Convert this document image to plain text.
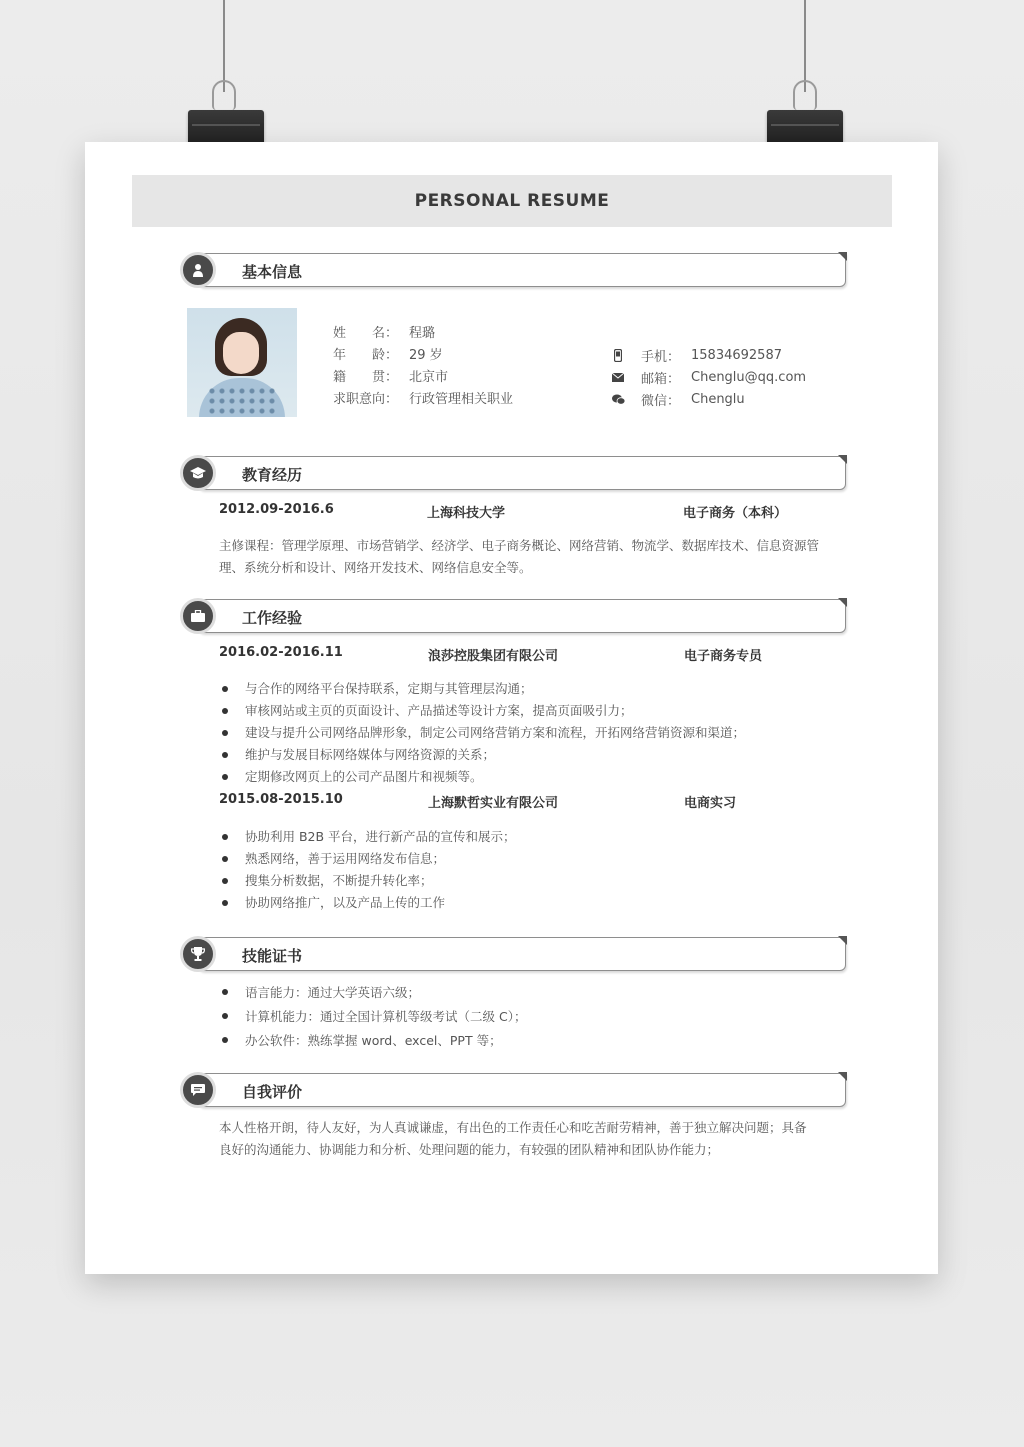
PERSONAL RESUME
基本信息
姓　　名： 程璐
年　　龄： 29 岁
籍　　贯： 北京市
求职意向： 行政管理相关职业
手机： 15834692587
邮箱： Chenglu@qq.com
微信： Chenglu
教育经历
2012.09-2016.6	上海科技大学	电子商务（本科）
主修课程：管理学原理、市场营销学、经济学、电子商务概论、网络营销、物流学、数据库技术、信息资源管
理、系统分析和设计、网络开发技术、网络信息安全等。
工作经验
2016.02-2016.11	浪莎控股集团有限公司	电子商务专员
与合作的网络平台保持联系，定期与其管理层沟通；
审核网站或主页的页面设计、产品描述等设计方案，提高页面吸引力；
建设与提升公司网络品牌形象，制定公司网络营销方案和流程，开拓网络营销资源和渠道；
维护与发展目标网络媒体与网络资源的关系；
定期修改网页上的公司产品图片和视频等。
2015.08-2015.10	上海默哲实业有限公司	电商实习
协助利用 B2B 平台，进行新产品的宣传和展示；
熟悉网络，善于运用网络发布信息；
搜集分析数据，不断提升转化率；
协助网络推广，以及产品上传的工作
技能证书
语言能力：通过大学英语六级；
计算机能力：通过全国计算机等级考试（二级 C）；
办公软件：熟练掌握 word、excel、PPT 等；
自我评价
本人性格开朗，待人友好，为人真诚谦虚，有出色的工作责任心和吃苦耐劳精神，善于独立解决问题；具备
良好的沟通能力、协调能力和分析、处理问题的能力，有较强的团队精神和团队协作能力；
图创
